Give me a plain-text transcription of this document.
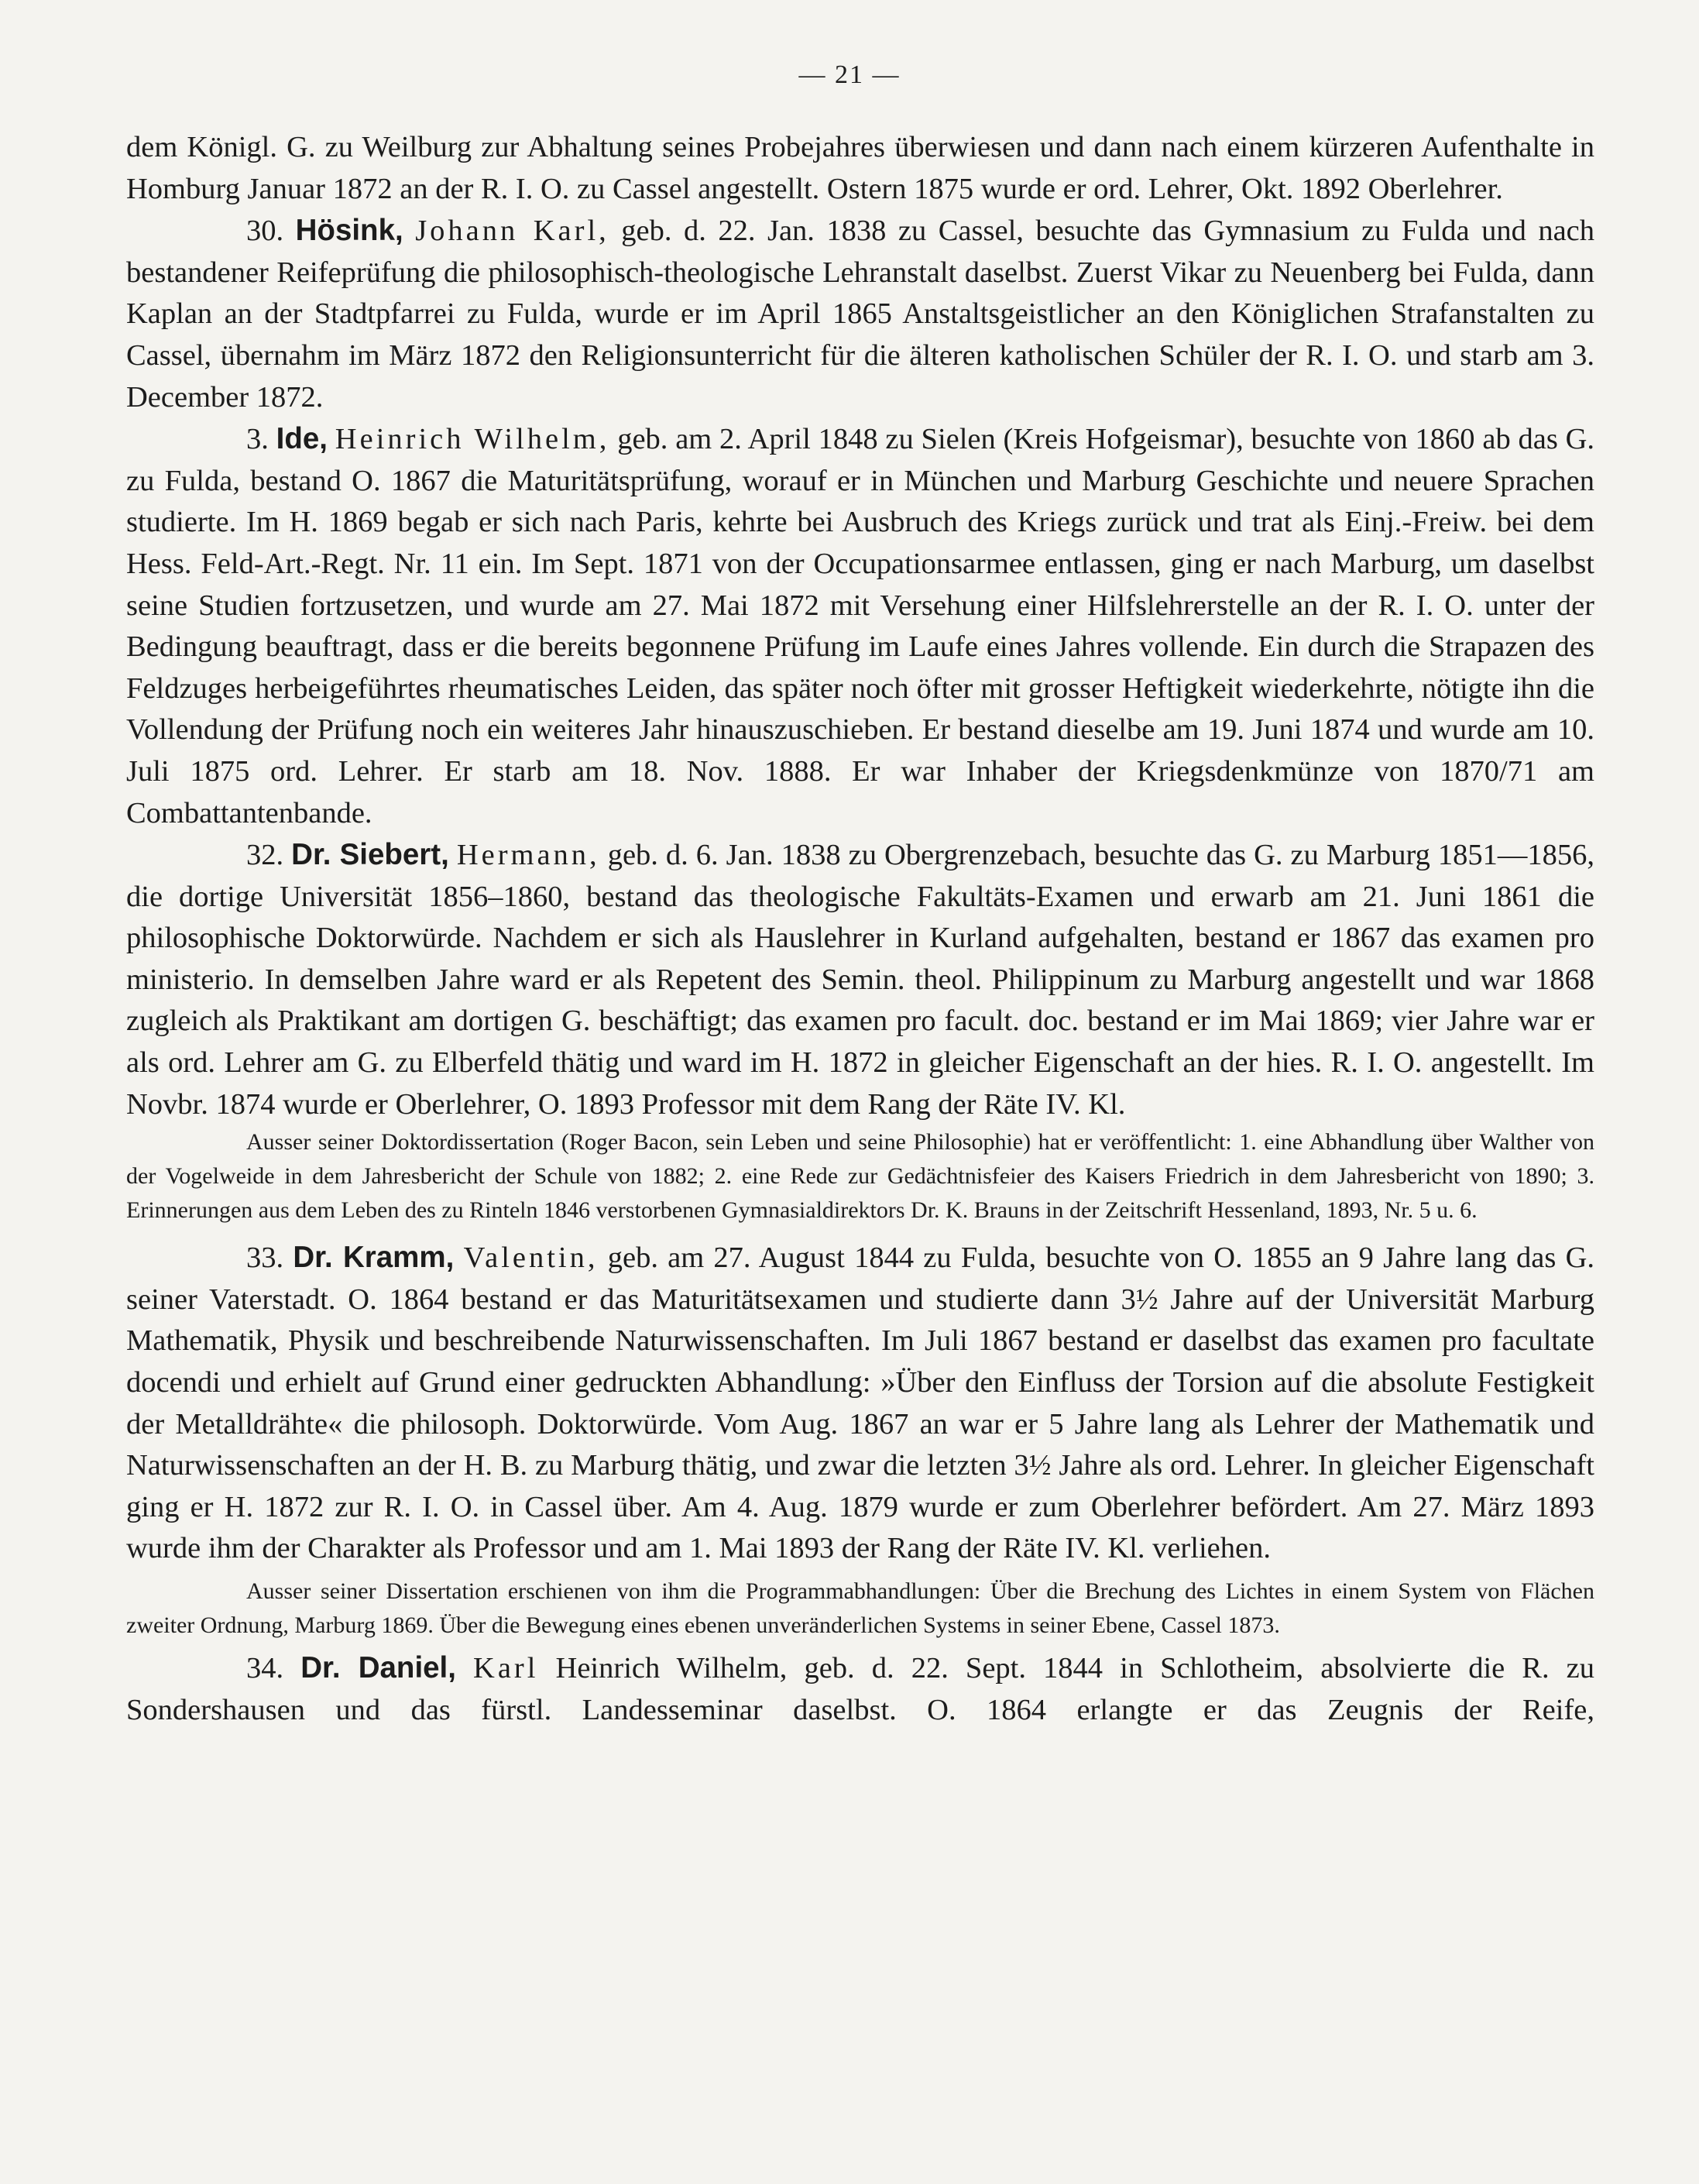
— 21 —

dem Königl. G. zu Weilburg zur Abhaltung seines Probejahres überwiesen und dann nach einem kürzeren Aufenthalte in Homburg Januar 1872 an der R. I. O. zu Cassel angestellt. Ostern 1875 wurde er ord. Lehrer, Okt. 1892 Oberlehrer.

30. Hösink, Johann Karl, geb. d. 22. Jan. 1838 zu Cassel, besuchte das Gymnasium zu Fulda und nach bestandener Reifeprüfung die philosophisch-theologische Lehranstalt daselbst. Zuerst Vikar zu Neuenberg bei Fulda, dann Kaplan an der Stadtpfarrei zu Fulda, wurde er im April 1865 Anstaltsgeistlicher an den Königlichen Strafanstalten zu Cassel, übernahm im März 1872 den Religionsunterricht für die älteren katholischen Schüler der R. I. O. und starb am 3. December 1872.

3. Ide, Heinrich Wilhelm, geb. am 2. April 1848 zu Sielen (Kreis Hofgeismar), besuchte von 1860 ab das G. zu Fulda, bestand O. 1867 die Maturitätsprüfung, worauf er in München und Marburg Geschichte und neuere Sprachen studierte. Im H. 1869 begab er sich nach Paris, kehrte bei Ausbruch des Kriegs zurück und trat als Einj.-Freiw. bei dem Hess. Feld-Art.-Regt. Nr. 11 ein. Im Sept. 1871 von der Occupationsarmee entlassen, ging er nach Marburg, um daselbst seine Studien fortzusetzen, und wurde am 27. Mai 1872 mit Versehung einer Hilfslehrerstelle an der R. I. O. unter der Bedingung beauftragt, dass er die bereits begonnene Prüfung im Laufe eines Jahres vollende. Ein durch die Strapazen des Feldzuges herbeigeführtes rheumatisches Leiden, das später noch öfter mit grosser Heftigkeit wiederkehrte, nötigte ihn die Vollendung der Prüfung noch ein weiteres Jahr hinauszuschieben. Er bestand dieselbe am 19. Juni 1874 und wurde am 10. Juli 1875 ord. Lehrer. Er starb am 18. Nov. 1888. Er war Inhaber der Kriegsdenkmünze von 1870/71 am Combattantenbande.

32. Dr. Siebert, Hermann, geb. d. 6. Jan. 1838 zu Obergrenzebach, besuchte das G. zu Marburg 1851—1856, die dortige Universität 1856–1860, bestand das theologische Fakultäts-Examen und erwarb am 21. Juni 1861 die philosophische Doktorwürde. Nachdem er sich als Hauslehrer in Kurland aufgehalten, bestand er 1867 das examen pro ministerio. In demselben Jahre ward er als Repetent des Semin. theol. Philippinum zu Marburg angestellt und war 1868 zugleich als Praktikant am dortigen G. beschäftigt; das examen pro facult. doc. bestand er im Mai 1869; vier Jahre war er als ord. Lehrer am G. zu Elberfeld thätig und ward im H. 1872 in gleicher Eigenschaft an der hies. R. I. O. angestellt. Im Novbr. 1874 wurde er Oberlehrer, O. 1893 Professor mit dem Rang der Räte IV. Kl.

Ausser seiner Doktordissertation (Roger Bacon, sein Leben und seine Philosophie) hat er veröffentlicht: 1. eine Abhandlung über Walther von der Vogelweide in dem Jahresbericht der Schule von 1882; 2. eine Rede zur Gedächtnisfeier des Kaisers Friedrich in dem Jahresbericht von 1890; 3. Erinnerungen aus dem Leben des zu Rinteln 1846 verstorbenen Gymnasialdirektors Dr. K. Brauns in der Zeitschrift Hessenland, 1893, Nr. 5 u. 6.

33. Dr. Kramm, Valentin, geb. am 27. August 1844 zu Fulda, besuchte von O. 1855 an 9 Jahre lang das G. seiner Vaterstadt. O. 1864 bestand er das Maturitätsexamen und studierte dann 3½ Jahre auf der Universität Marburg Mathematik, Physik und beschreibende Naturwissenschaften. Im Juli 1867 bestand er daselbst das examen pro facultate docendi und erhielt auf Grund einer gedruckten Abhandlung: »Über den Einfluss der Torsion auf die absolute Festigkeit der Metalldrähte« die philosoph. Doktorwürde. Vom Aug. 1867 an war er 5 Jahre lang als Lehrer der Mathematik und Naturwissenschaften an der H. B. zu Marburg thätig, und zwar die letzten 3½ Jahre als ord. Lehrer. In gleicher Eigenschaft ging er H. 1872 zur R. I. O. in Cassel über. Am 4. Aug. 1879 wurde er zum Oberlehrer befördert. Am 27. März 1893 wurde ihm der Charakter als Professor und am 1. Mai 1893 der Rang der Räte IV. Kl. verliehen.

Ausser seiner Dissertation erschienen von ihm die Programmabhandlungen: Über die Brechung des Lichtes in einem System von Flächen zweiter Ordnung, Marburg 1869. Über die Bewegung eines ebenen unveränderlichen Systems in seiner Ebene, Cassel 1873.

34. Dr. Daniel, Karl Heinrich Wilhelm, geb. d. 22. Sept. 1844 in Schlotheim, absolvierte die R. zu Sondershausen und das fürstl. Landesseminar daselbst. O. 1864 erlangte er das Zeugnis der Reife,
